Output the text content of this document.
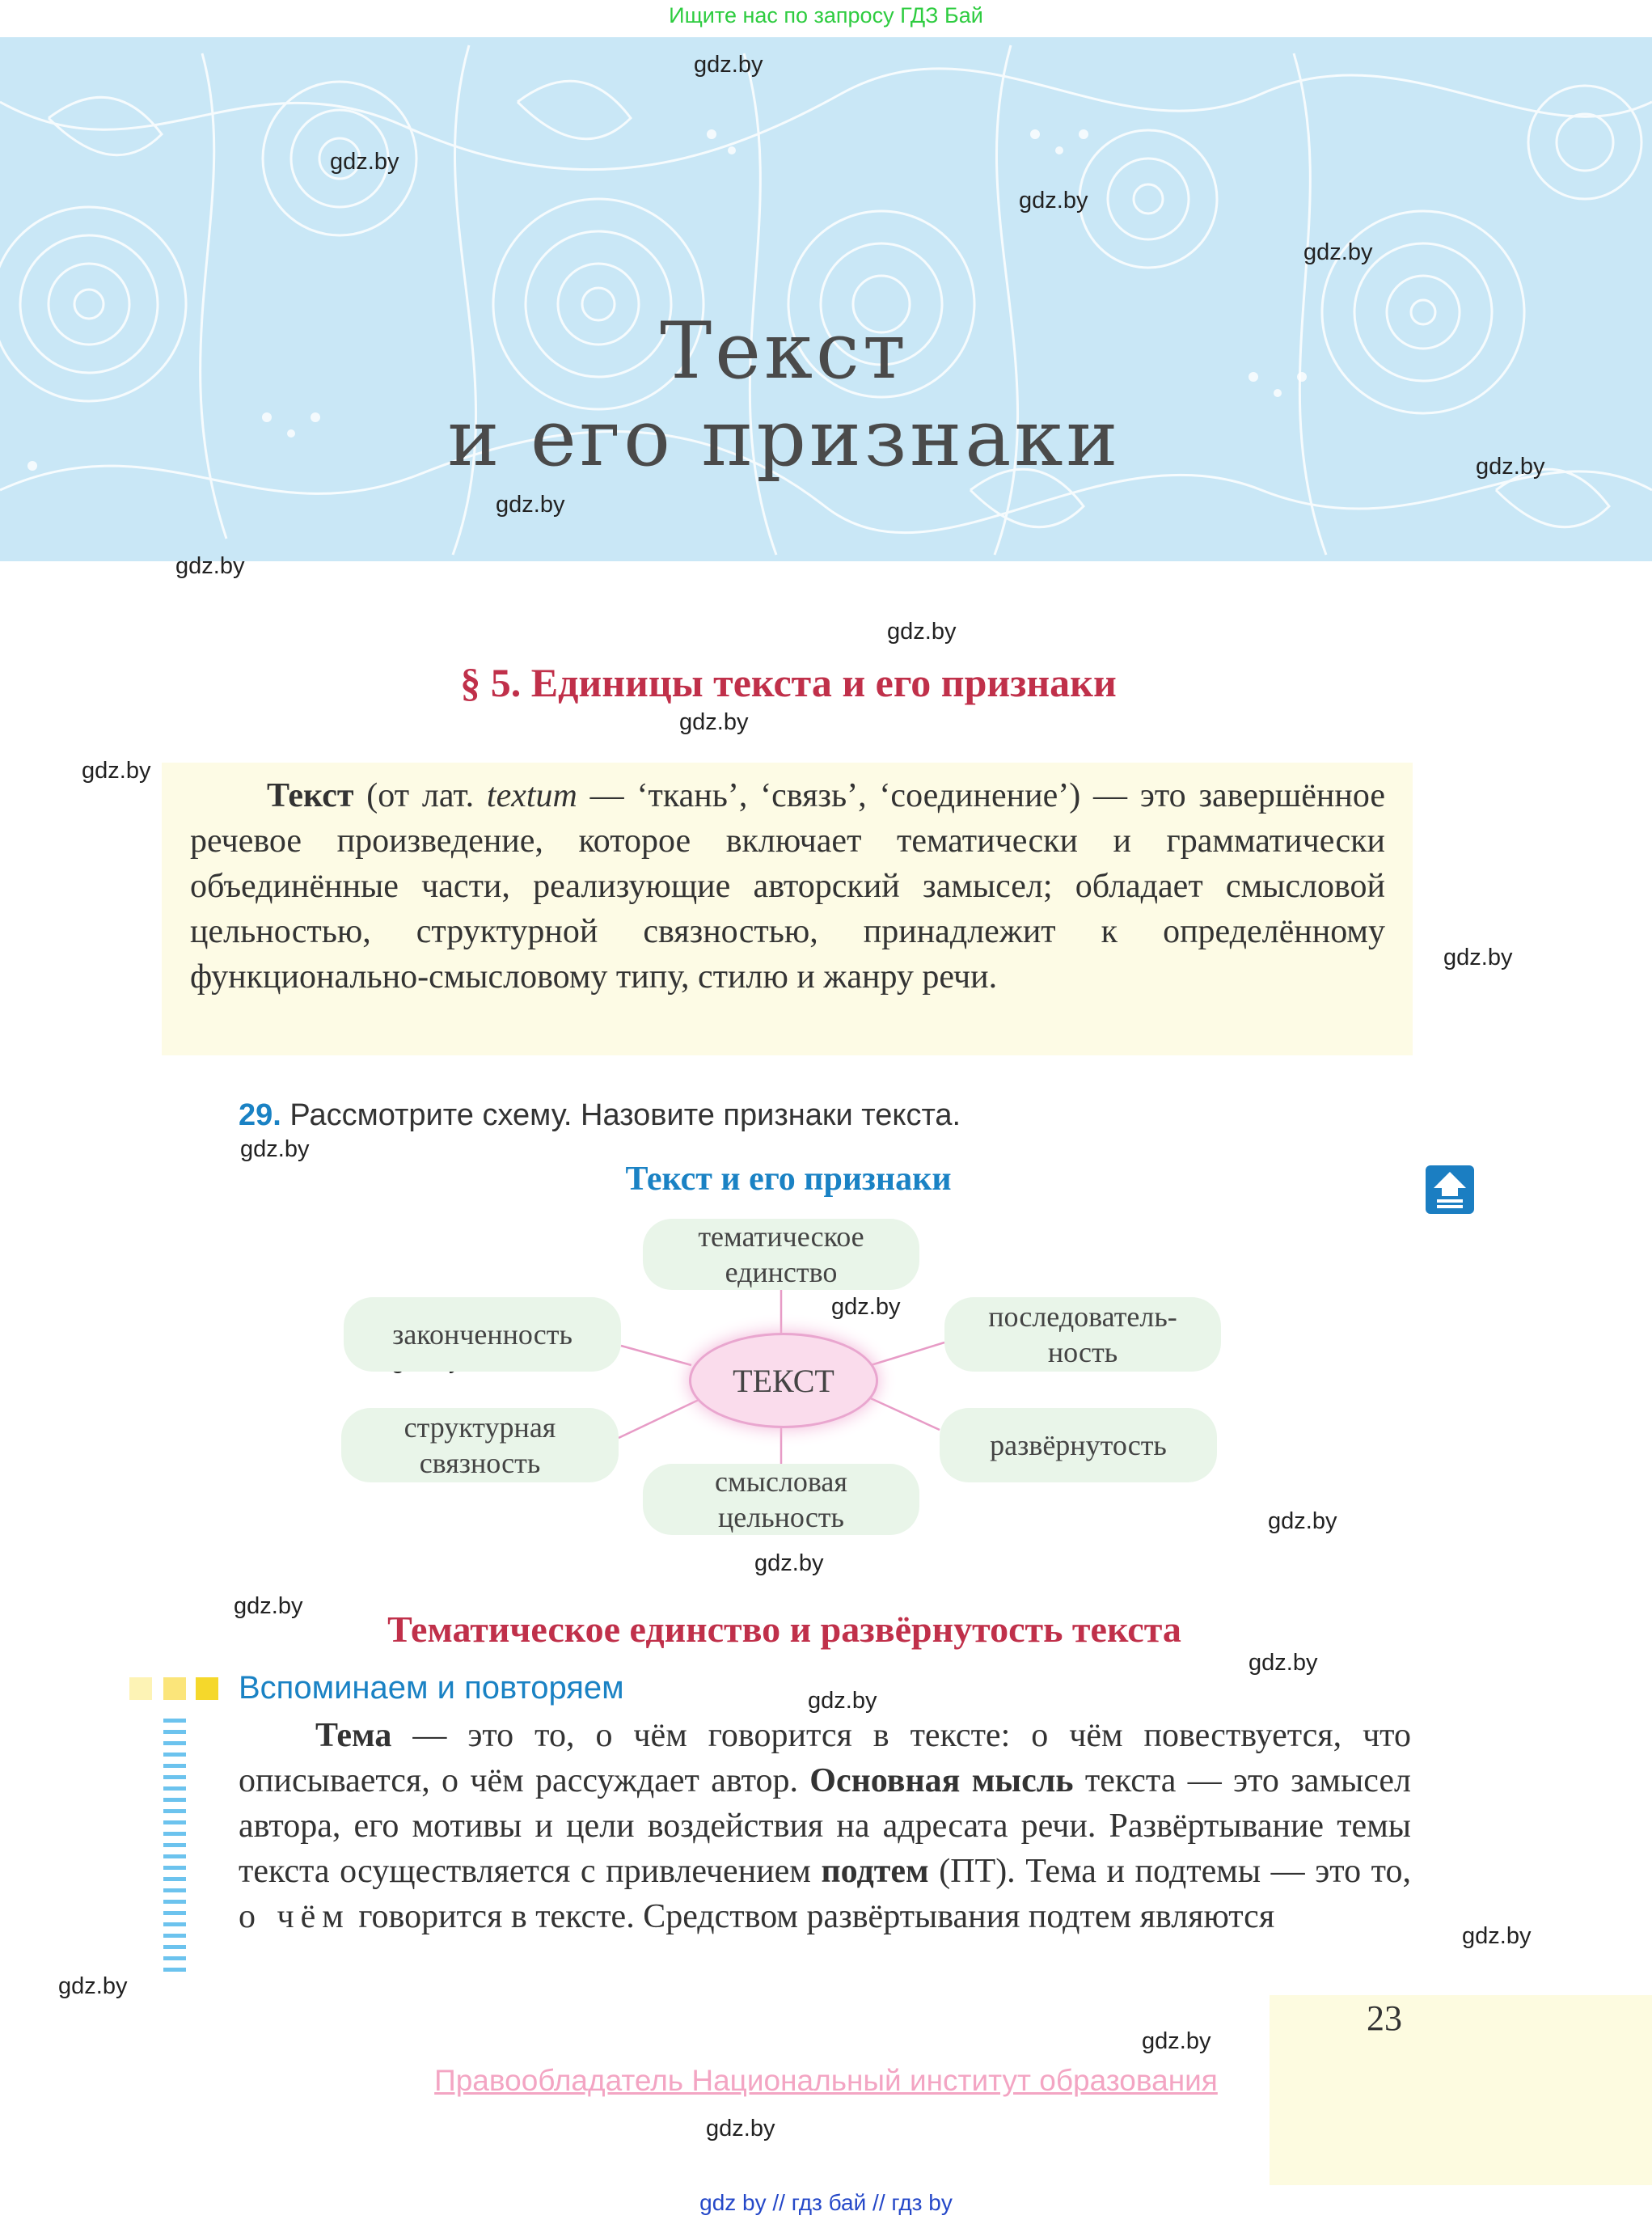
Ищите нас по запросу ГДЗ Бай
Текст
и его признаки
gdz.by
gdz.by
gdz.by
gdz.by
gdz.by
gdz.by
gdz.by
gdz.by
gdz.by
gdz.by
gdz.by
gdz.by
gdz.by
gdz.by
gdz.by
gdz.by
gdz.by
gdz.by
gdz.by
gdz.by
gdz.by
gdz.by
§ 5. Единицы текста и его признаки
Текст (от лат. textum — ‘ткань’, ‘связь’, ‘соединение’) — это завершённое речевое произведение, которое включает тематически и грамматически объединённые части, реализующие авторский замысел; обладает смысловой цельностью, структурной связностью, принадлежит к определённому функционально-смысловому типу, стилю и жанру речи.
29. Рассмотрите схему. Назовите признаки текста.
Текст и его признаки
тематическое единство
законченность
последователь-ность
структурная связность
развёрнутость
смысловая цельность
ТЕКСТ
Тематическое единство и развёрнутость текста
Вспоминаем и повторяем
Тема — это то, о чём говорится в тексте: о чём повествуется, что описывается, о чём рассуждает автор. Основная мысль текста — это замысел автора, его мотивы и цели воздействия на адресата речи. Развёртывание темы текста осуществляется с привлечением подтем (ПТ). Тема и подтемы — это то, о чём говорится в тексте. Средством развёртывания подтем являются
23
Правообладатель Национальный институт образования
gdz by // гдз бай // гдз by
